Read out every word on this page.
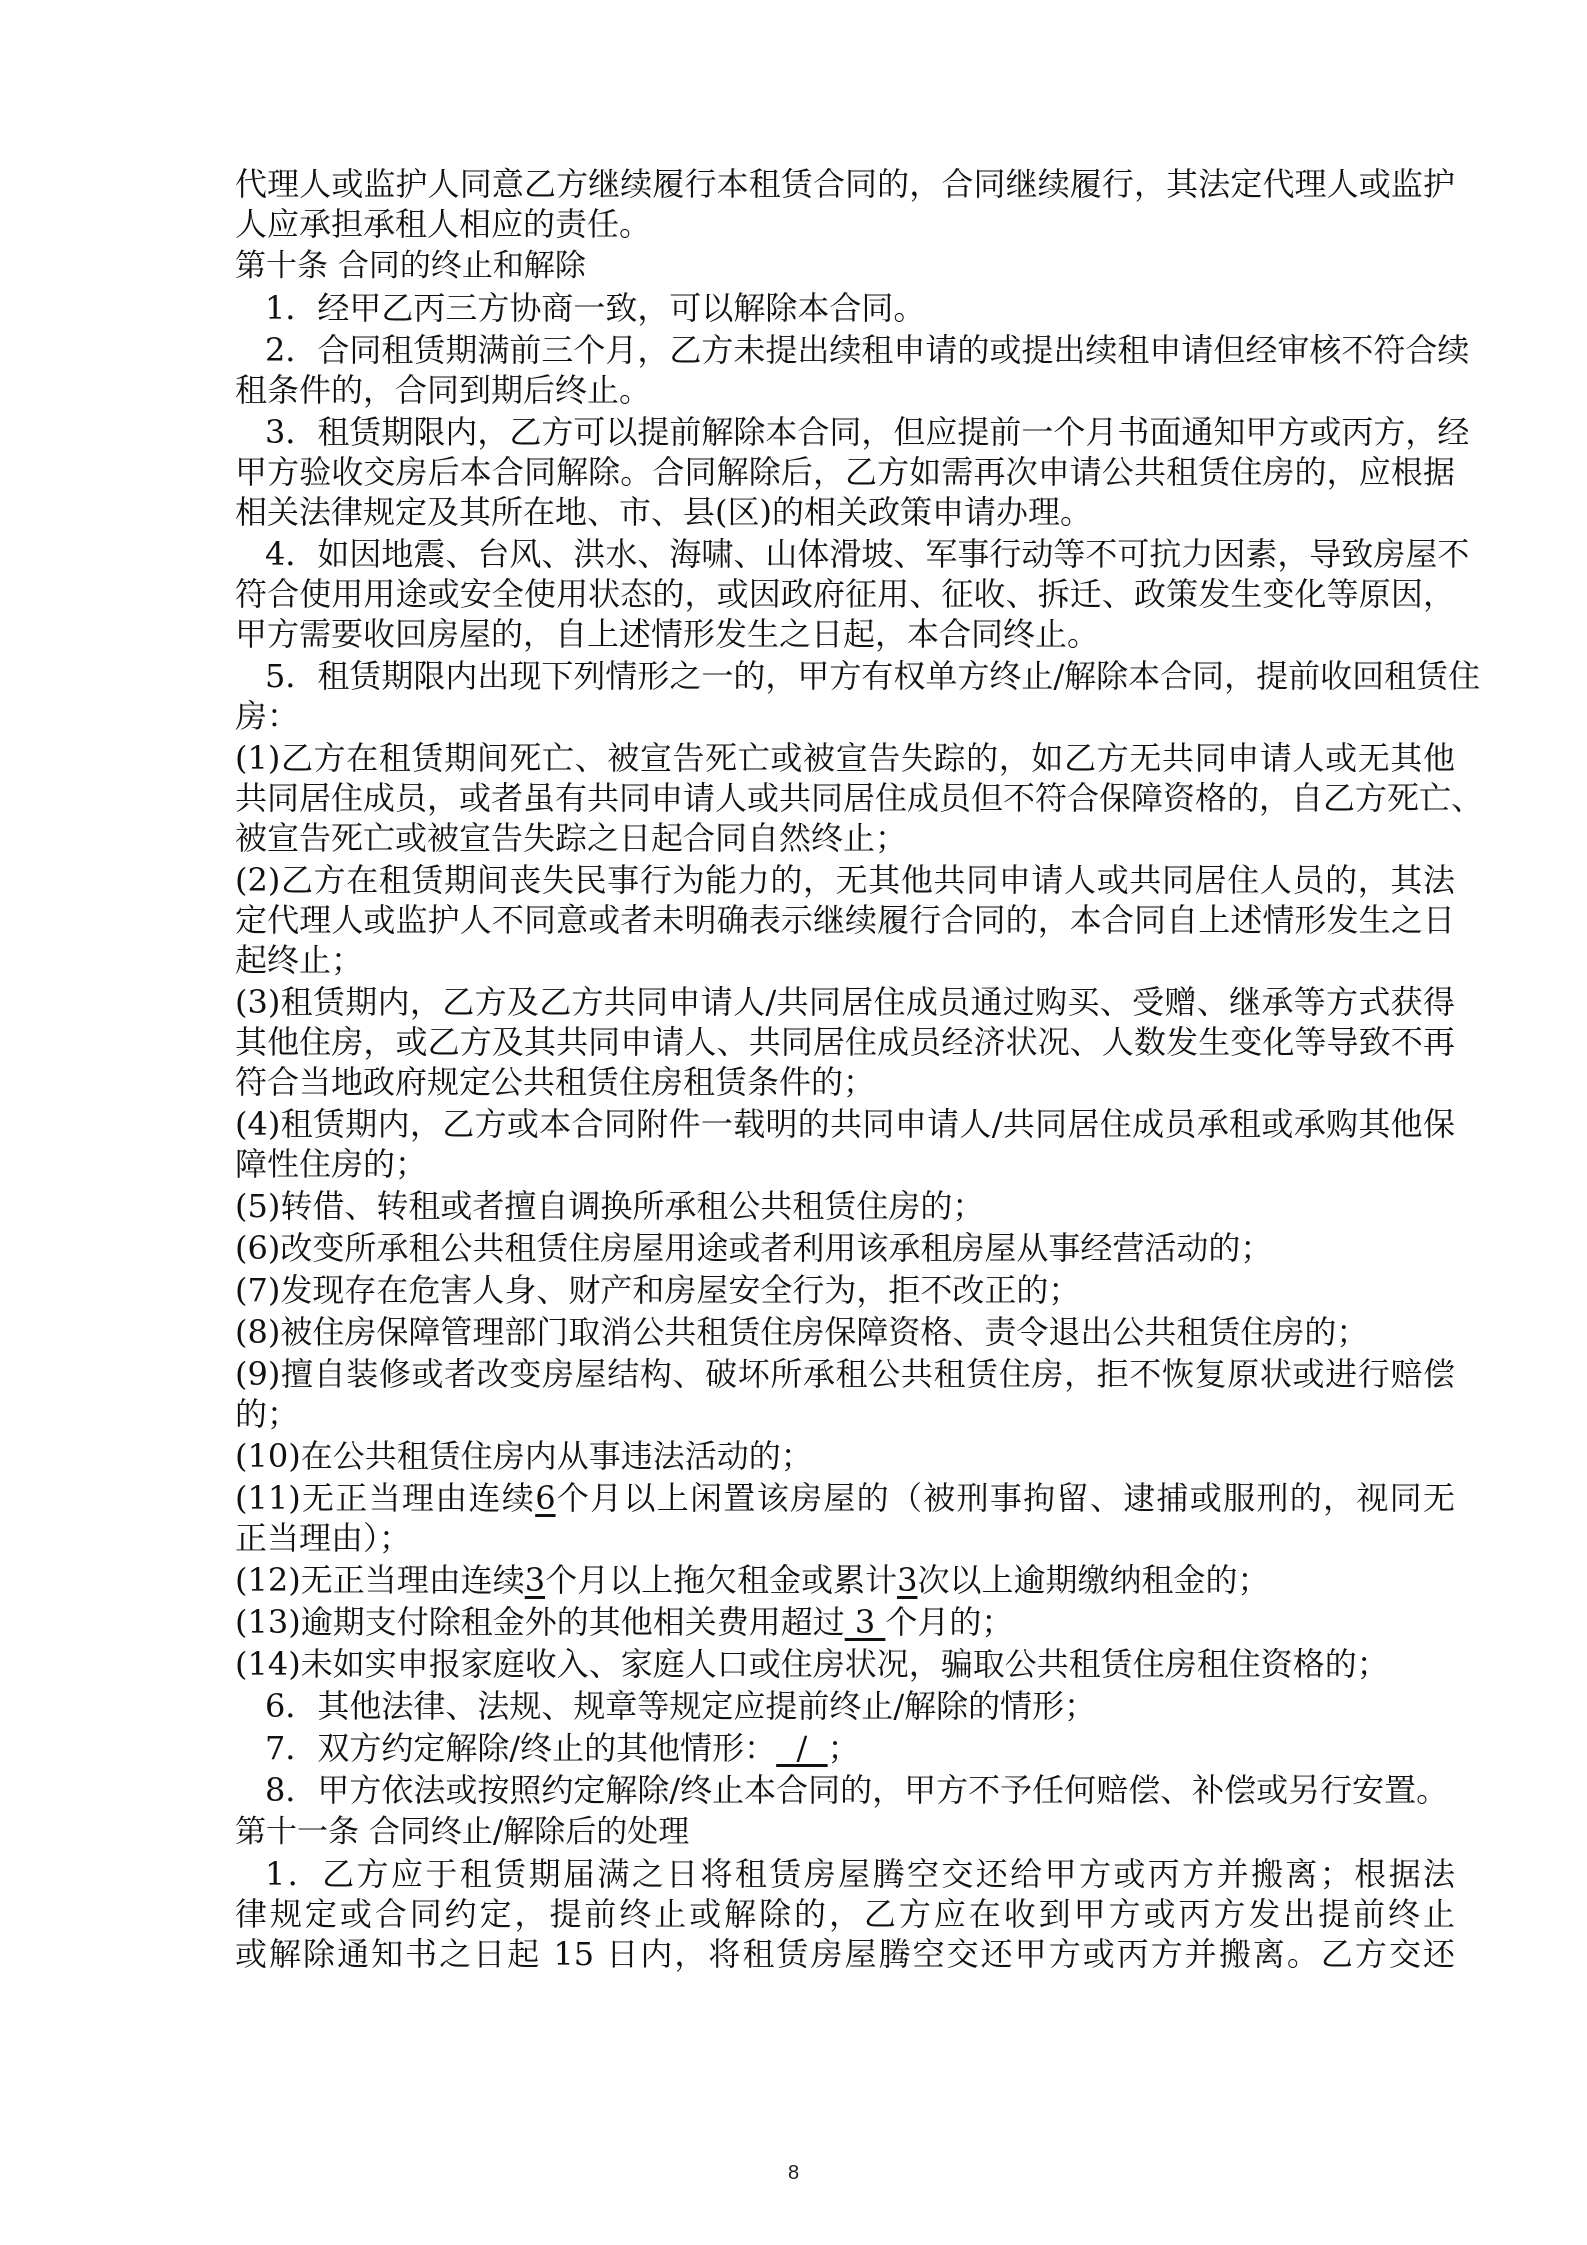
代理人或监护人同意乙方继续履行本租赁合同的，合同继续履行，其法定代理人或监护
人应承担承租人相应的责任。
第十条 合同的终止和解除
1．经甲乙丙三方协商一致，可以解除本合同。
2．合同租赁期满前三个月，乙方未提出续租申请的或提出续租申请但经审核不符合续
租条件的，合同到期后终止。
3．租赁期限内，乙方可以提前解除本合同，但应提前一个月书面通知甲方或丙方，经
甲方验收交房后本合同解除。合同解除后，乙方如需再次申请公共租赁住房的，应根据
相关法律规定及其所在地、市、县(区)的相关政策申请办理。
4．如因地震、台风、洪水、海啸、山体滑坡、军事行动等不可抗力因素，导致房屋不
符合使用用途或安全使用状态的，或因政府征用、征收、拆迁、政策发生变化等原因，
甲方需要收回房屋的，自上述情形发生之日起，本合同终止。
5．租赁期限内出现下列情形之一的，甲方有权单方终止/解除本合同，提前收回租赁住
房：
(1)乙方在租赁期间死亡、被宣告死亡或被宣告失踪的，如乙方无共同申请人或无其他
共同居住成员，或者虽有共同申请人或共同居住成员但不符合保障资格的，自乙方死亡、
被宣告死亡或被宣告失踪之日起合同自然终止；
(2)乙方在租赁期间丧失民事行为能力的，无其他共同申请人或共同居住人员的，其法
定代理人或监护人不同意或者未明确表示继续履行合同的，本合同自上述情形发生之日
起终止；
(3)租赁期内，乙方及乙方共同申请人/共同居住成员通过购买、受赠、继承等方式获得
其他住房，或乙方及其共同申请人、共同居住成员经济状况、人数发生变化等导致不再
符合当地政府规定公共租赁住房租赁条件的；
(4)租赁期内，乙方或本合同附件一载明的共同申请人/共同居住成员承租或承购其他保
障性住房的；
(5)转借、转租或者擅自调换所承租公共租赁住房的；
(6)改变所承租公共租赁住房屋用途或者利用该承租房屋从事经营活动的；
(7)发现存在危害人身、财产和房屋安全行为，拒不改正的；
(8)被住房保障管理部门取消公共租赁住房保障资格、责令退出公共租赁住房的；
(9)擅自装修或者改变房屋结构、破坏所承租公共租赁住房，拒不恢复原状或进行赔偿
的；
(10)在公共租赁住房内从事违法活动的；
(11)无正当理由连续6个月以上闲置该房屋的（被刑事拘留、逮捕或服刑的，视同无
正当理由）；
(12)无正当理由连续3个月以上拖欠租金或累计3次以上逾期缴纳租金的；
(13)逾期支付除租金外的其他相关费用超过 3 个月的；
(14)未如实申报家庭收入、家庭人口或住房状况，骗取公共租赁住房租住资格的；
6．其他法律、法规、规章等规定应提前终止/解除的情形；
7．双方约定解除/终止的其他情形：  /  ；
8．甲方依法或按照约定解除/终止本合同的，甲方不予任何赔偿、补偿或另行安置。
第十一条 合同终止/解除后的处理
1．乙方应于租赁期届满之日将租赁房屋腾空交还给甲方或丙方并搬离；根据法
律规定或合同约定，提前终止或解除的，乙方应在收到甲方或丙方发出提前终止
或解除通知书之日起 15 日内，将租赁房屋腾空交还甲方或丙方并搬离。乙方交还
8
